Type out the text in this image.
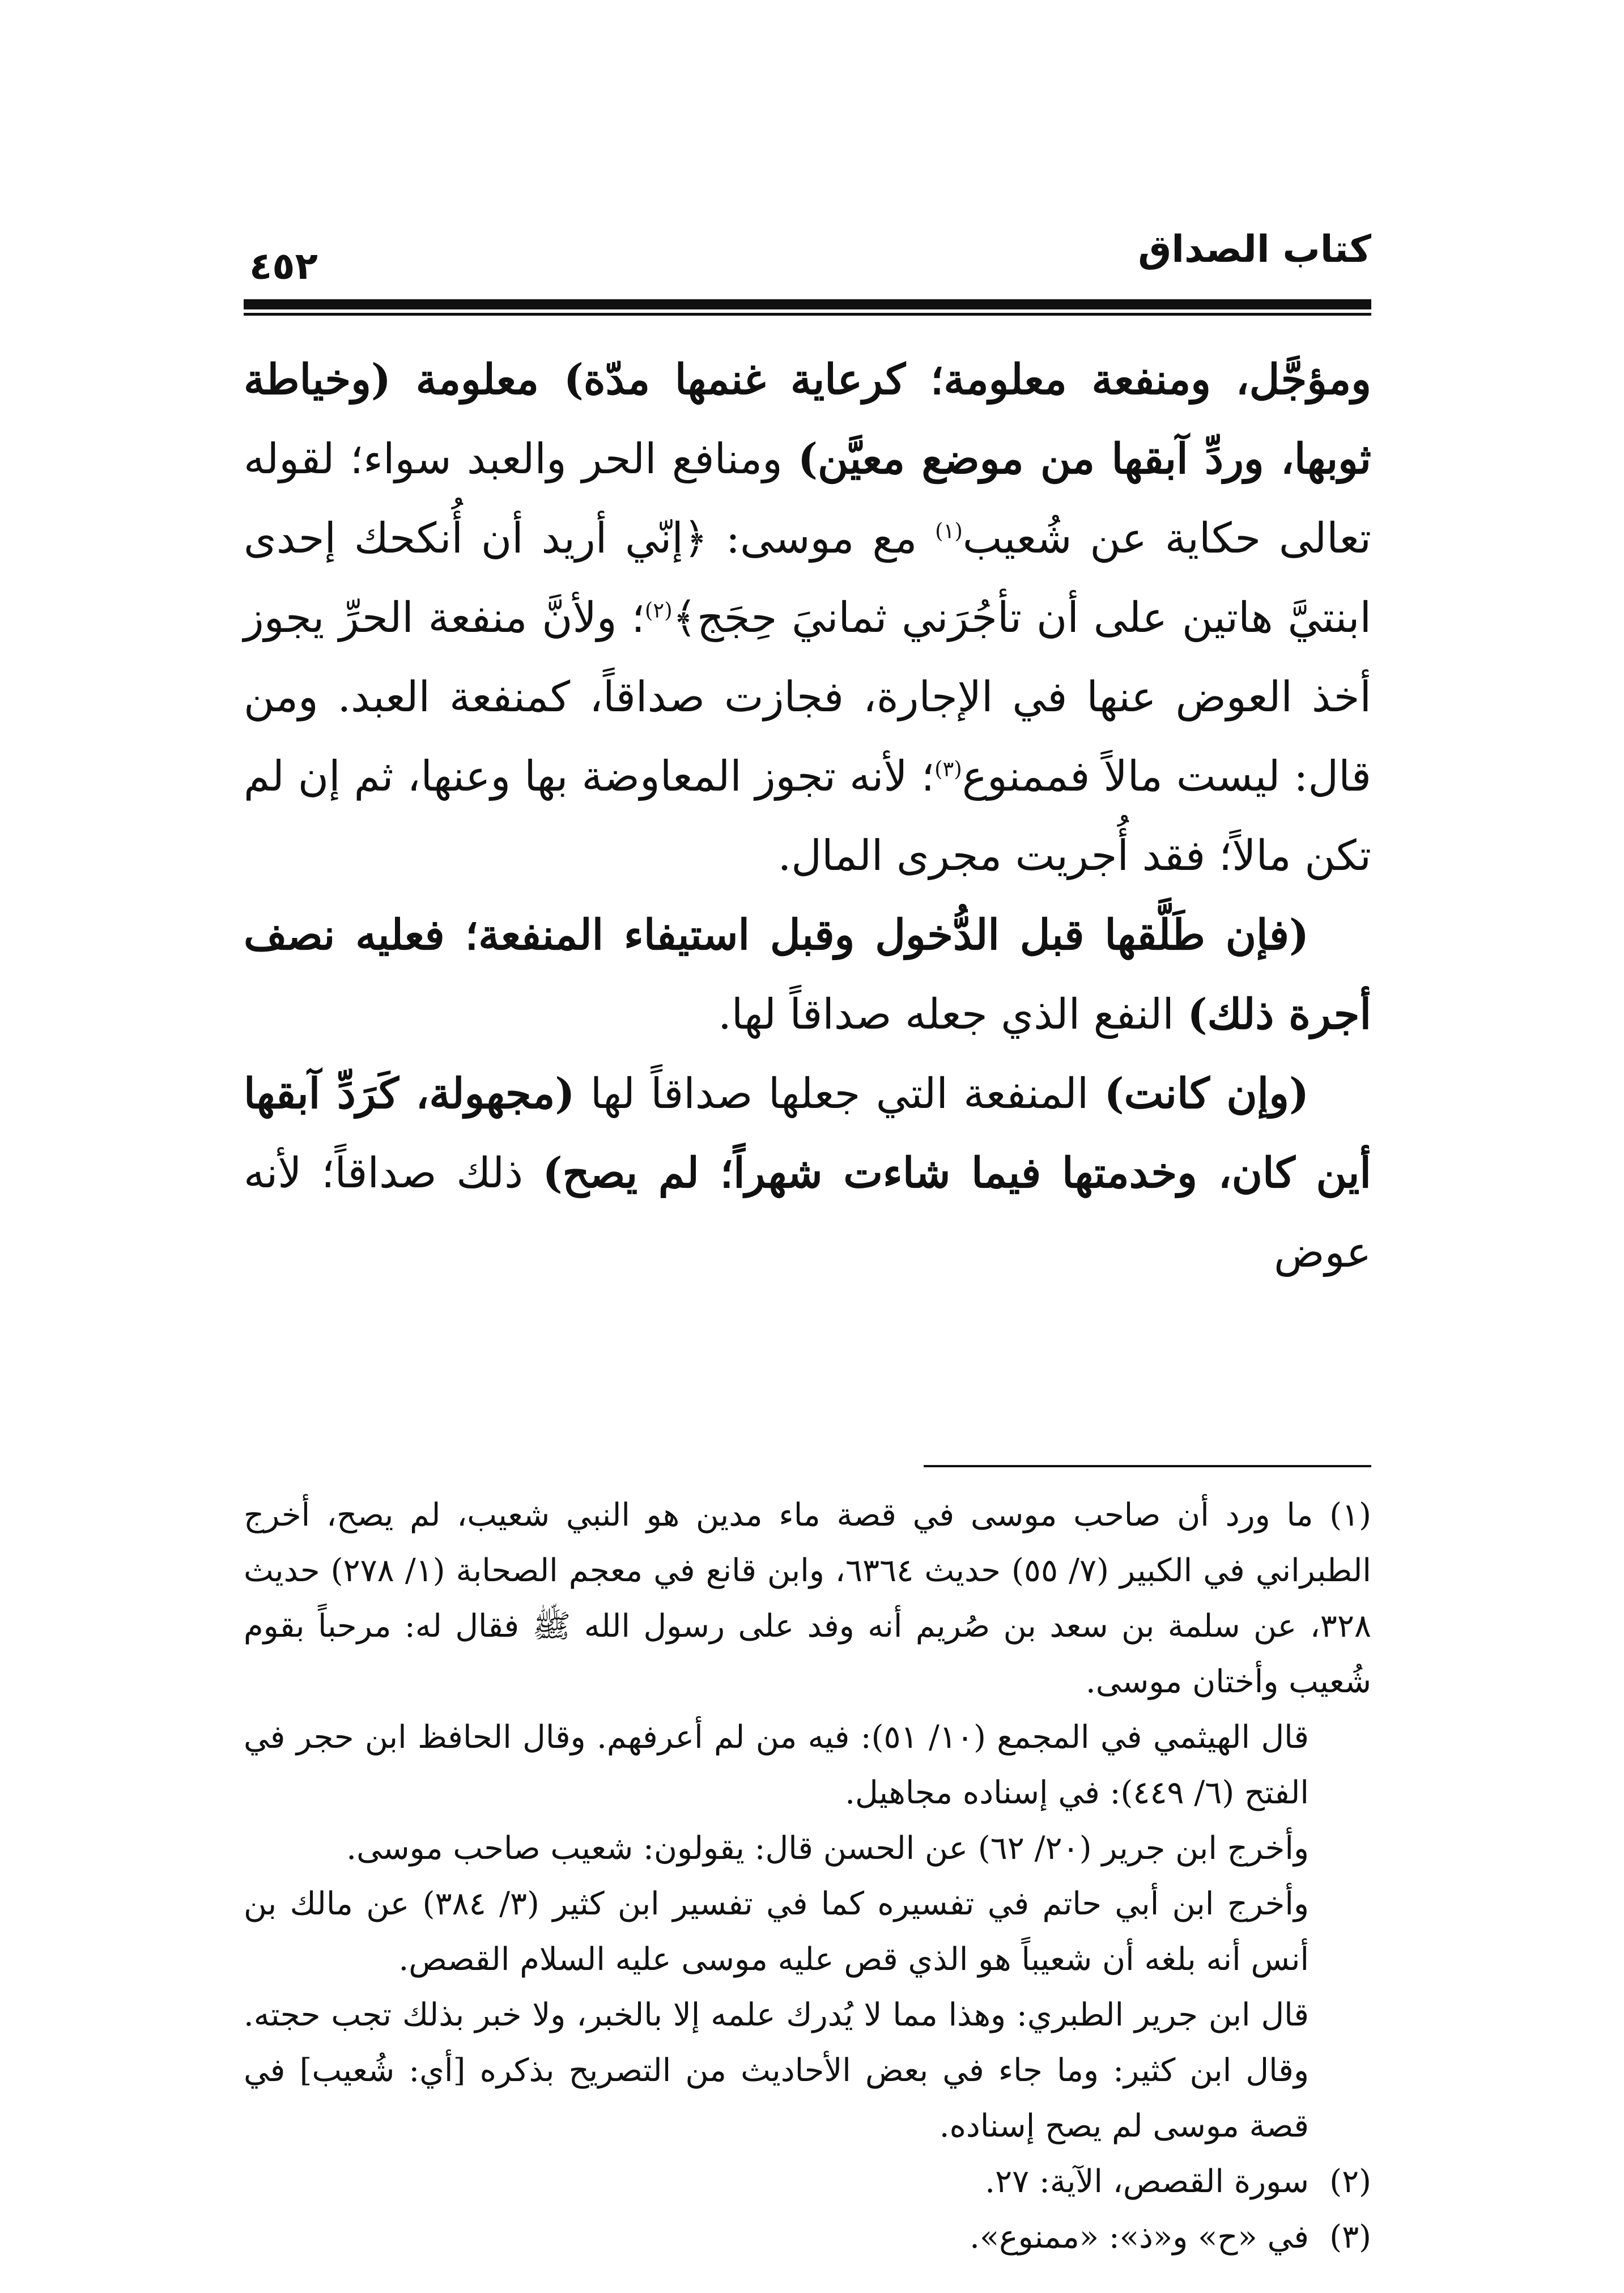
كتاب الصداق
٤٥٢

ومؤجَّل، ومنفعة معلومة؛ كرعاية غنمها مدّة) معلومة (وخياطة ثوبها، وردِّ آبقها من موضع معيَّن) ومنافع الحر والعبد سواء؛ لقوله تعالى حكاية عن شُعيب$^{(١)}$ مع موسى: ﴿إنّي أريد أن أُنكحك إحدى ابنتيَّ هاتين على أن تأجُرَني ثمانيَ حِجَج﴾$^{(٢)}$؛ ولأنَّ منفعة الحرِّ يجوز أخذ العوض عنها في الإجارة، فجازت صداقاً، كمنفعة العبد. ومن قال: ليست مالاً فممنوع$^{(٣)}$؛ لأنه تجوز المعاوضة بها وعنها، ثم إن لم تكن مالاً؛ فقد أُجريت مجرى المال.

(فإن طَلَّقها قبل الدُّخول وقبل استيفاء المنفعة؛ فعليه نصف أجرة ذلك) النفع الذي جعله صداقاً لها.

(وإن كانت) المنفعة التي جعلها صداقاً لها (مجهولة، كَرَدِّ آبقها أين كان، وخدمتها فيما شاءت شهراً؛ لم يصح) ذلك صداقاً؛ لأنه عوض

(١) ما ورد أن صاحب موسى في قصة ماء مدين هو النبي شعيب، لم يصح، أخرج الطبراني في الكبير (٧/ ٥٥) حديث ٦٣٦٤، وابن قانع في معجم الصحابة (١/ ٢٧٨) حديث ٣٢٨، عن سلمة بن سعد بن صُريم أنه وفد على رسول الله ﷺ فقال له: مرحباً بقوم شُعيب وأختان موسى.

قال الهيثمي في المجمع (١٠/ ٥١): فيه من لم أعرفهم. وقال الحافظ ابن حجر في الفتح (٦/ ٤٤٩): في إسناده مجاهيل.

وأخرج ابن جرير (٢٠/ ٦٢) عن الحسن قال: يقولون: شعيب صاحب موسى.

وأخرج ابن أبي حاتم في تفسيره كما في تفسير ابن كثير (٣/ ٣٨٤) عن مالك بن أنس أنه بلغه أن شعيباً هو الذي قص عليه موسى عليه السلام القصص.

قال ابن جرير الطبري: وهذا مما لا يُدرك علمه إلا بالخبر، ولا خبر بذلك تجب حجته. وقال ابن كثير: وما جاء في بعض الأحاديث من التصريح بذكره [أي: شُعيب] في قصة موسى لم يصح إسناده.

(٢)سورة القصص، الآية: ٢٧.

(٣)في «ح» و«ذ»: «ممنوع».
